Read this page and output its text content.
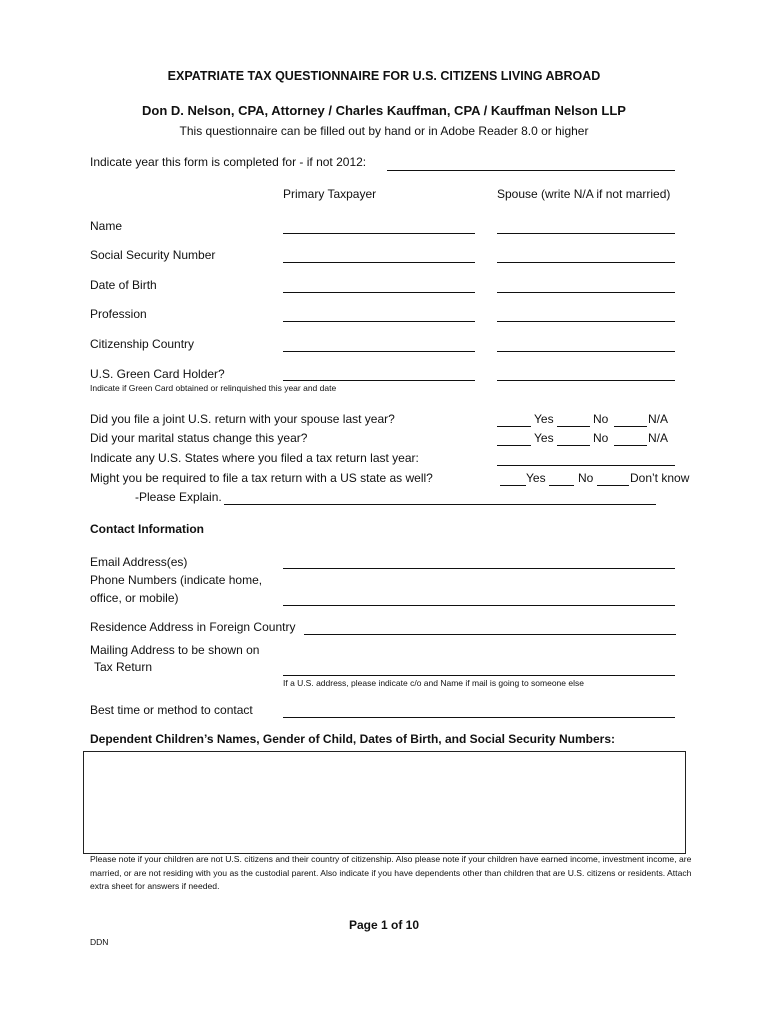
EXPATRIATE TAX QUESTIONNAIRE FOR U.S. CITIZENS LIVING ABROAD
Don D. Nelson, CPA, Attorney / Charles Kauffman, CPA / Kauffman Nelson LLP
This questionnaire can be filled out by hand or in Adobe Reader 8.0 or higher
Indicate year this form is completed for - if not 2012:
Primary Taxpayer	Spouse (write N/A if not married)
Name
Social Security Number
Date of Birth
Profession
Citizenship Country
U.S. Green Card Holder?
Indicate if Green Card obtained or relinquished this year and date
Did you file a joint U.S. return with your spouse last year?	Yes	No	N/A
Did your marital status change this year?	Yes	No	N/A
Indicate any U.S. States where you filed a tax return last year:
Might you be required to file a tax return with a US state as well?	Yes	No	Don’t know
-Please Explain.
Contact Information
Email Address(es)
Phone Numbers (indicate home,
office, or mobile)
Residence Address in Foreign Country
Mailing Address to be shown on
Tax Return
If a U.S. address, please indicate c/o and Name if mail is going to someone else
Best time or method to contact
Dependent Children’s Names, Gender of Child, Dates of Birth, and Social Security Numbers:
Please note if your children are not U.S. citizens and their country of citizenship. Also please note if your children have earned income, investment income, are married, or are not residing with you as the custodial parent. Also indicate if you have dependents other than children that are U.S. citizens or residents. Attach extra sheet for answers if needed.
Page 1 of 10
DDN
